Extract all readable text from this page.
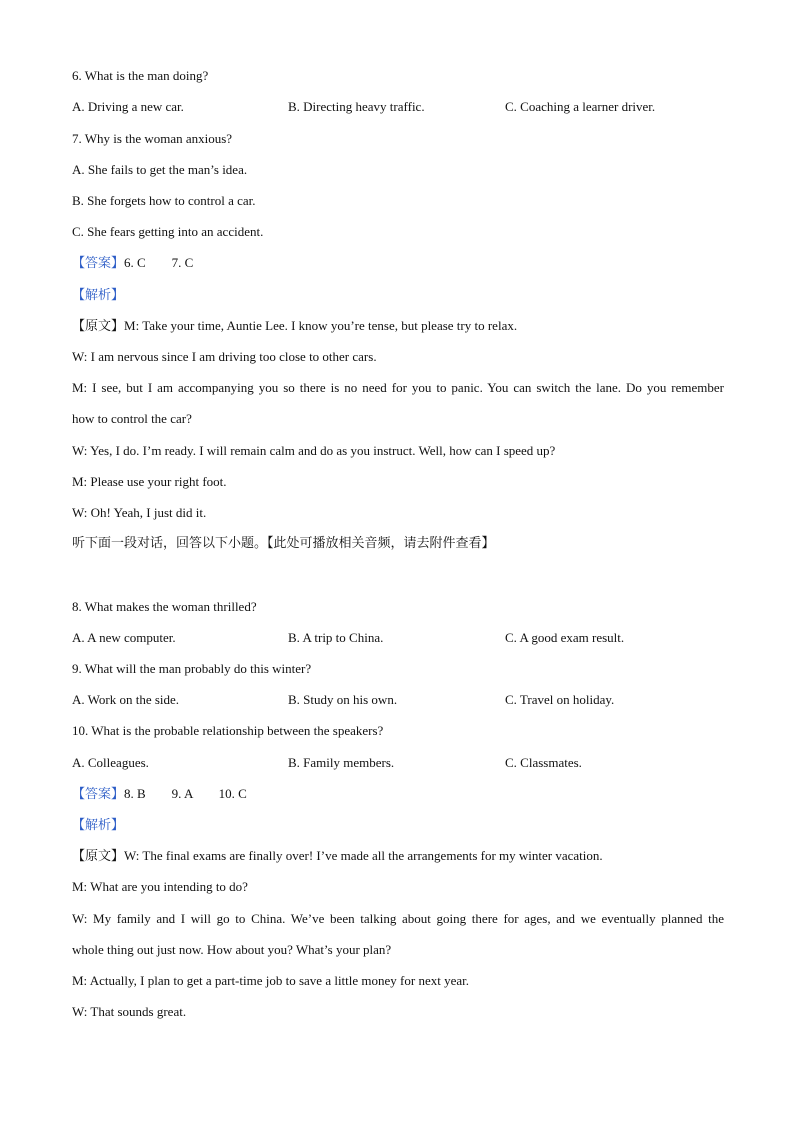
6. What is the man doing?
A. Driving a new car.	B. Directing heavy traffic.	C. Coaching a learner driver.
7. Why is the woman anxious?
A. She fails to get the man’s idea.
B. She forgets how to control a car.
C. She fears getting into an accident.
【答案】6. C        7. C
【解析】
【原文】M: Take your time, Auntie Lee. I know you’re tense, but please try to relax.
W: I am nervous since I am driving too close to other cars.
M: I see, but I am accompanying you so there is no need for you to panic. You can switch the lane. Do you remember
how to control the car?
W: Yes, I do. I’m ready. I will remain calm and do as you instruct. Well, how can I speed up?
M: Please use your right foot.
W: Oh! Yeah, I just did it.
听下面一段对话，回答以下小题。【此处可播放相关音频，请去附件查看】
8. What makes the woman thrilled?
A. A new computer.	B. A trip to China.	C. A good exam result.
9. What will the man probably do this winter?
A. Work on the side.	B. Study on his own.	C. Travel on holiday.
10. What is the probable relationship between the speakers?
A. Colleagues.	B. Family members.	C. Classmates.
【答案】8. B        9. A        10. C
【解析】
【原文】W: The final exams are finally over! I’ve made all the arrangements for my winter vacation.
M: What are you intending to do?
W: My family and I will go to China. We’ve been talking about going there for ages, and we eventually planned the
whole thing out just now. How about you? What’s your plan?
M: Actually, I plan to get a part-time job to save a little money for next year.
W: That sounds great.
